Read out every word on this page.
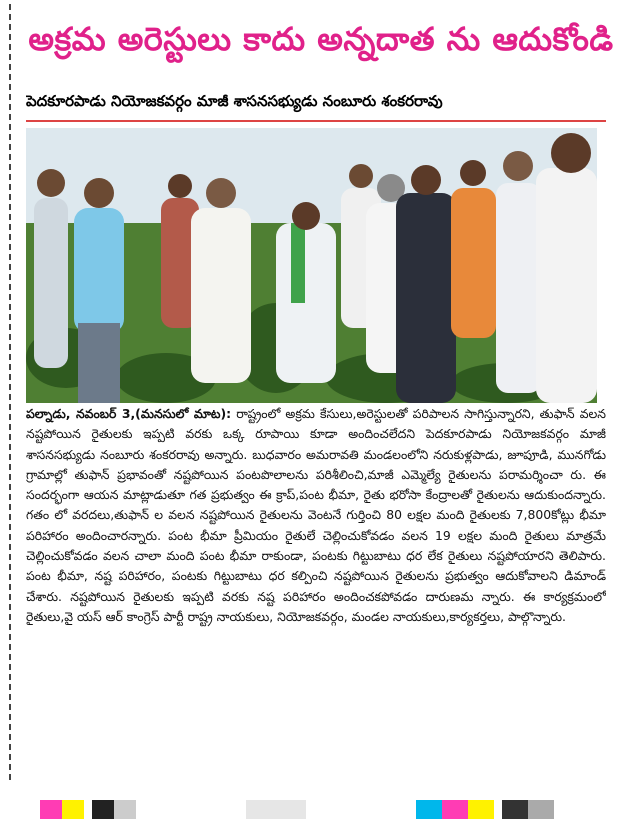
అక్రమ అరెస్టులు కాదు అన్నదాత ను ఆదుకోండి
పెదకూరపాడు నియోజకవర్గం మాజీ శాసనసభ్యుడు నంబూరు శంకరరావు

పల్నాడు, నవంబర్ 3,(మనసులో మాట): రాష్ట్రంలో అక్రమ కేసులు,అరెస్టులతో పరిపాలన సాగిస్తున్నారని, తుఫాన్ వలన నష్టపోయిన రైతులకు ఇప్పటి వరకు ఒక్క రూపాయి కూడా అందించలేదని పెదకూరపాడు నియోజకవర్గం మాజీ శాసనసభ్యుడు నంబూరు శంకరరావు అన్నారు. బుధవారం అమరావతి మండలంలోని నరుకుళ్లపాడు, జూపూడి, మునగోడు గ్రామాల్లో తుఫాన్ ప్రభావంతో నష్టపోయిన పంటపొలాలను పరిశీలించి,మాజీ ఎమ్మెల్యే రైతులను పరామర్శించా రు. ఈ సందర్భంగా ఆయన మాట్లాడుతూ గత ప్రభుత్వం ఈ క్రాప్,పంట భీమా, రైతు భరోసా కేంద్రాలతో రైతులను ఆదుకుందన్నారు. గతం లో వరదలు,తుఫాన్ ల వలన నష్టపోయిన రైతులను వెంటనే గుర్తించి 80 లక్షల మంది రైతులకు 7,800కోట్లు భీమా పరిహారం అందించారన్నారు. పంట భీమా ప్రీమియం రైతులే చెల్లించుకోవడం వలన 19 లక్షల మంది రైతులు మాత్రమే చెల్లించుకోవడం వలన చాలా మంది పంట భీమా రాకుండా, పంటకు గిట్టుబాటు ధర లేక రైతులు నష్టపోయారని తెలిపారు. పంట భీమా, నష్ట పరిహారం, పంటకు గిట్టుబాటు ధర కల్పించి నష్టపోయిన రైతులను ప్రభుత్వం ఆదుకోవాలని డిమాండ్ చేశారు. నష్టపోయిన రైతులకు ఇప్పటి వరకు నష్ట పరిహారం అందించకపోవడం దారుణమ న్నారు. ఈ కార్యక్రమంలో రైతులు,వై యస్ ఆర్ కాంగ్రెస్ పార్టీ రాష్ట్ర నాయకులు, నియోజకవర్గం, మండల నాయకులు,కార్యకర్తలు, పాల్గొన్నారు.
